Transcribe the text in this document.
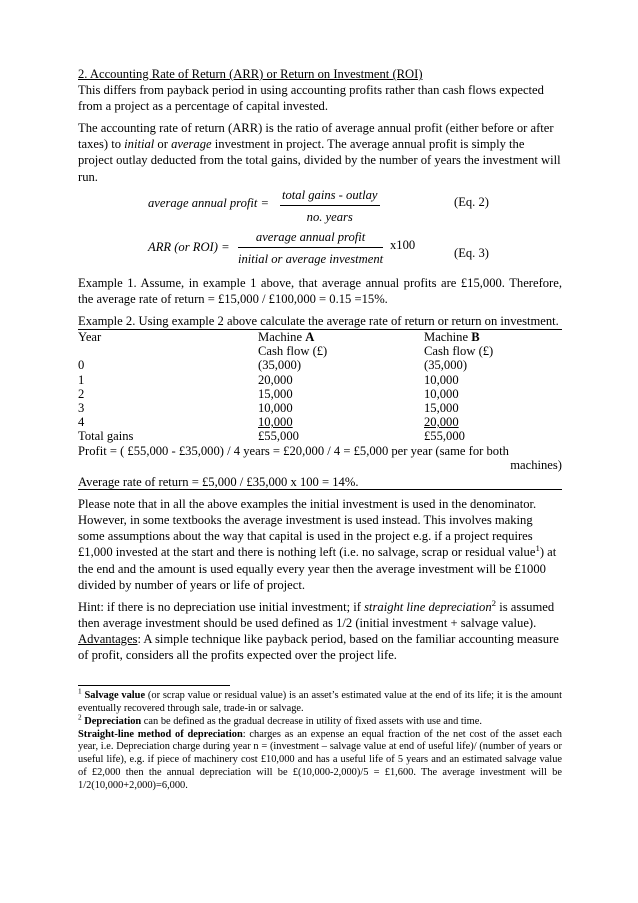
2. Accounting Rate of Return (ARR) or Return on Investment (ROI)

This differs from payback period in using accounting profits rather than cash flows expected from a project as a percentage of capital invested.

The accounting rate of return (ARR) is the ratio of average annual profit (either before or after taxes) to initial or average investment in project. The average annual profit is simply the project outlay deducted from the total gains, divided by the number of years the investment will run.

average annual profit =
total gains - outlay
no. years
(Eq. 2)
ARR (or ROI) =
average annual profit
initial or average investment
x100
(Eq. 3)

Example 1. Assume, in example 1 above, that average annual profits are £15,000. Therefore, the average rate of return = £15,000 / £100,000 = 0.15 =15%.

Example 2. Using example 2 above calculate the average rate of return or return on investment.

Year	Machine A	Machine B
	Cash flow (£)	Cash flow (£)
0	(35,000)	(35,000)
1	20,000	10,000
2	15,000	10,000
3	10,000	15,000
4	10,000	20,000
Total gains	£55,000	£55,000
Profit = ( £55,000 - £35,000) / 4 years = £20,000 / 4 = £5,000 per year (same for both		
machines)		
Average rate of return = £5,000 / £35,000 x 100 = 14%.		

Please note that in all the above examples the initial investment is used in the denominator. However, in some textbooks the average investment is used instead. This involves making some assumptions about the way that capital is used in the project e.g. if a project requires £1,000 invested at the start and there is nothing left (i.e. no salvage, scrap or residual value$^1$) at the end and the amount is used equally every year then the average investment will be £1000 divided by number of years or life of project.

Hint: if there is no depreciation use initial investment; if straight line depreciation$^2$ is assumed then average investment should be used defined as 1/2 (initial investment + salvage value).

Advantages: A simple technique like payback period, based on the familiar accounting measure of profit, considers all the profits expected over the project life.

$^1$ Salvage value (or scrap value or residual value) is an asset’s estimated value at the end of its life; it is the amount eventually recovered through sale, trade-in or salvage.

$^2$ Depreciation can be defined as the gradual decrease in utility of fixed assets with use and time.

Straight-line method of depreciation: charges as an expense an equal fraction of the net cost of the asset each year, i.e. Depreciation charge during year n = (investment – salvage value at end of useful life)/ (number of years or useful life), e.g. if piece of machinery cost £10,000 and has a useful life of 5 years and an estimated salvage value of £2,000 then the annual depreciation will be £(10,000-2,000)/5 = £1,600. The average investment will be 1/2(10,000+2,000)=6,000.
